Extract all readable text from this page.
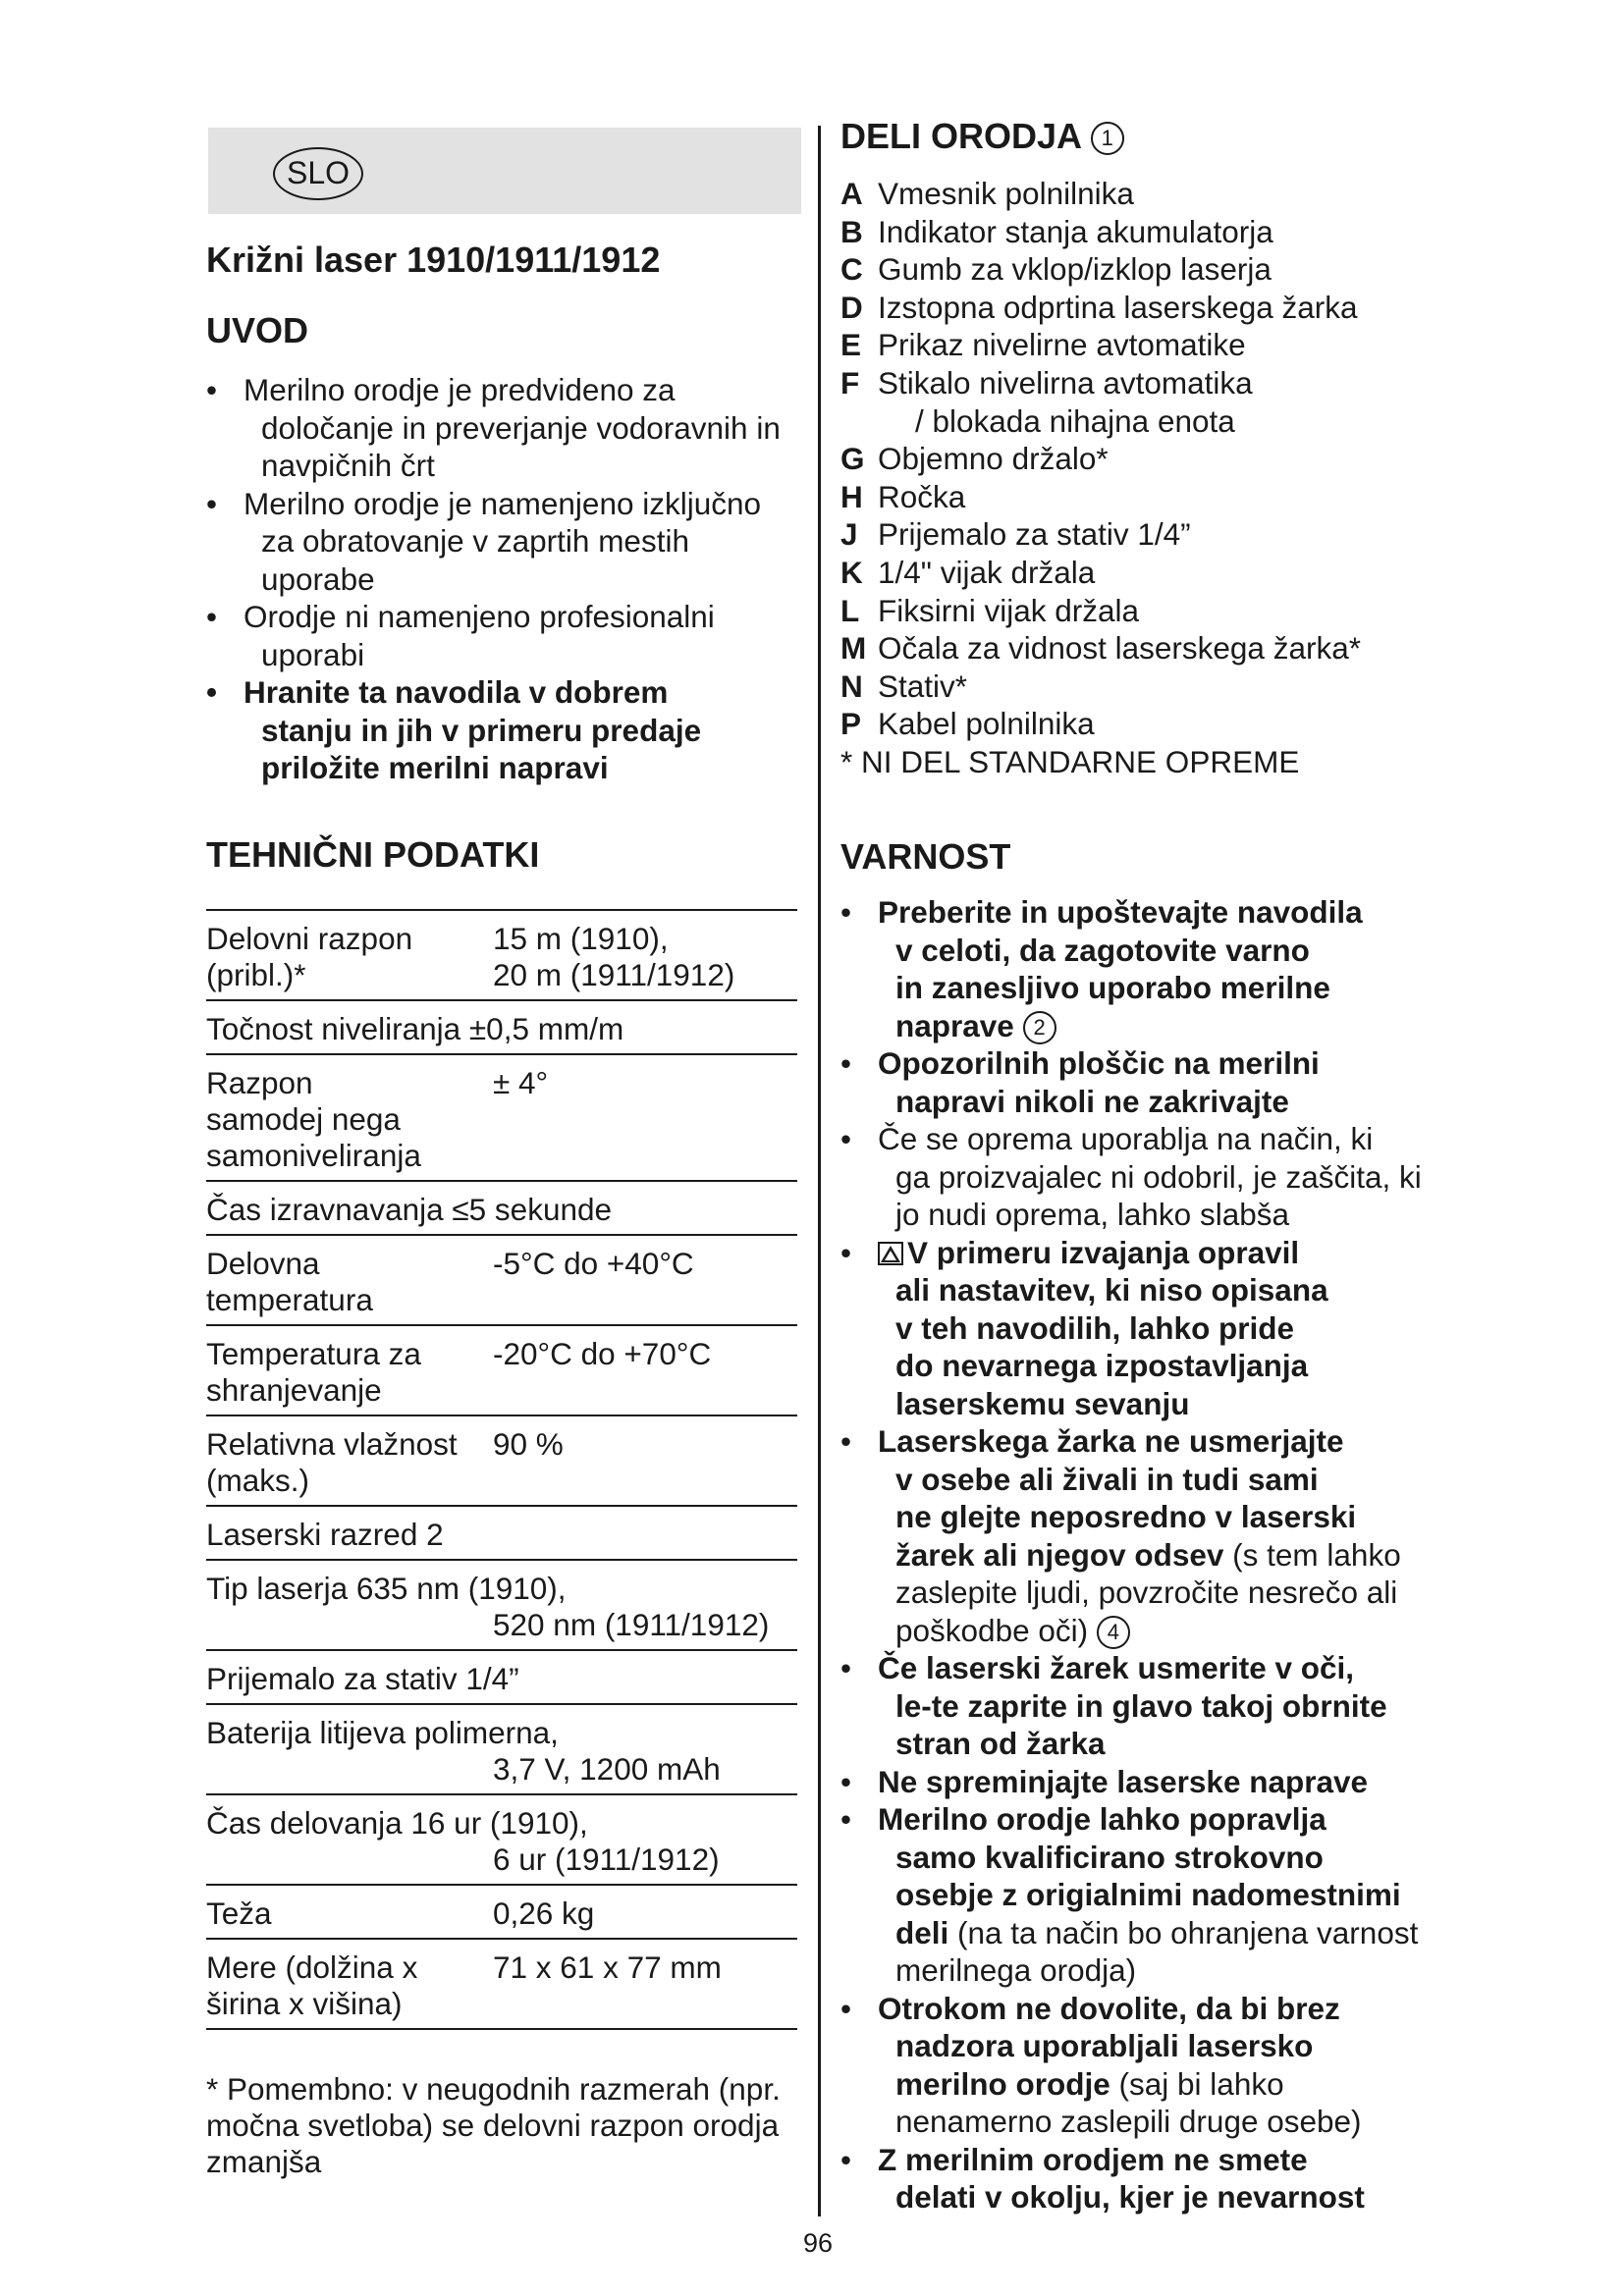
SLO
Križni laser 1910/1911/1912
UVOD
• Merilno orodje je predvideno za
določanje in preverjanje vodoravnih in
navpičnih črt
• Merilno orodje je namenjeno izključno
za obratovanje v zaprtih mestih
uporabe
• Orodje ni namenjeno profesionalni
uporabi
• Hranite ta navodila v dobrem
stanju in jih v primeru predaje
priložite merilni napravi
TEHNIČNI PODATKI
Delovni razpon
(pribl.)*
15 m (1910),
20 m (1911/1912)
Točnost niveliranja ±0,5 mm/m
Razpon
samodej nega
samoniveliranja
± 4°
Čas izravnavanja ≤5 sekunde
Delovna
temperatura
-5°C do +40°C
Temperatura za
shranjevanje
-20°C do +70°C
Relativna vlažnost
(maks.)
90 %
Laserski razred 2
Tip laserja 635 nm (1910),
520 nm (1911/1912)
Prijemalo za stativ 1/4”
Baterija litijeva polimerna,
3,7 V, 1200 mAh
Čas delovanja 16 ur (1910),
6 ur (1911/1912)
Teža	0,26 kg
Mere (dolžina x
širina x višina)
71 x 61 x 77 mm
* Pomembno: v neugodnih razmerah (npr.
močna svetloba) se delovni razpon orodja
zmanjša
96
DELI ORODJA 1
A Vmesnik polnilnika
B Indikator stanja akumulatorja
C Gumb za vklop/izklop laserja
D Izstopna odprtina laserskega žarka
E Prikaz nivelirne avtomatike
F Stikalo nivelirna avtomatika
/ blokada nihajna enota
G Objemno držalo*
H Ročka
J Prijemalo za stativ 1/4”
K 1/4" vijak držala
L Fiksirni vijak držala
M Očala za vidnost laserskega žarka*
N Stativ*
P Kabel polnilnika
* NI DEL STANDARNE OPREME
VARNOST
• Preberite in upoštevajte navodila
v celoti, da zagotovite varno
in zanesljivo uporabo merilne
naprave 2
• Opozorilnih ploščic na merilni
napravi nikoli ne zakrivajte
• Če se oprema uporablja na način, ki
ga proizvajalec ni odobril, je zaščita, ki
jo nudi oprema, lahko slabša
•	V primeru izvajanja opravil
ali nastavitev, ki niso opisana
v teh navodilih, lahko pride
do nevarnega izpostavljanja
laserskemu sevanju
• Laserskega žarka ne usmerjajte
v osebe ali živali in tudi sami
ne glejte neposredno v laserski
žarek ali njegov odsev (s tem lahko
zaslepite ljudi, povzročite nesrečo ali
poškodbe oči) 4
• Če laserski žarek usmerite v oči,
le-te zaprite in glavo takoj obrnite
stran od žarka
• Ne spreminjajte laserske naprave
• Merilno orodje lahko popravlja
samo kvalificirano strokovno
osebje z origialnimi nadomestnimi
deli (na ta način bo ohranjena varnost
merilnega orodja)
• Otrokom ne dovolite, da bi brez
nadzora uporabljali lasersko
merilno orodje (saj bi lahko
nenamerno zaslepili druge osebe)
• Z merilnim orodjem ne smete
delati v okolju, kjer je nevarnost
